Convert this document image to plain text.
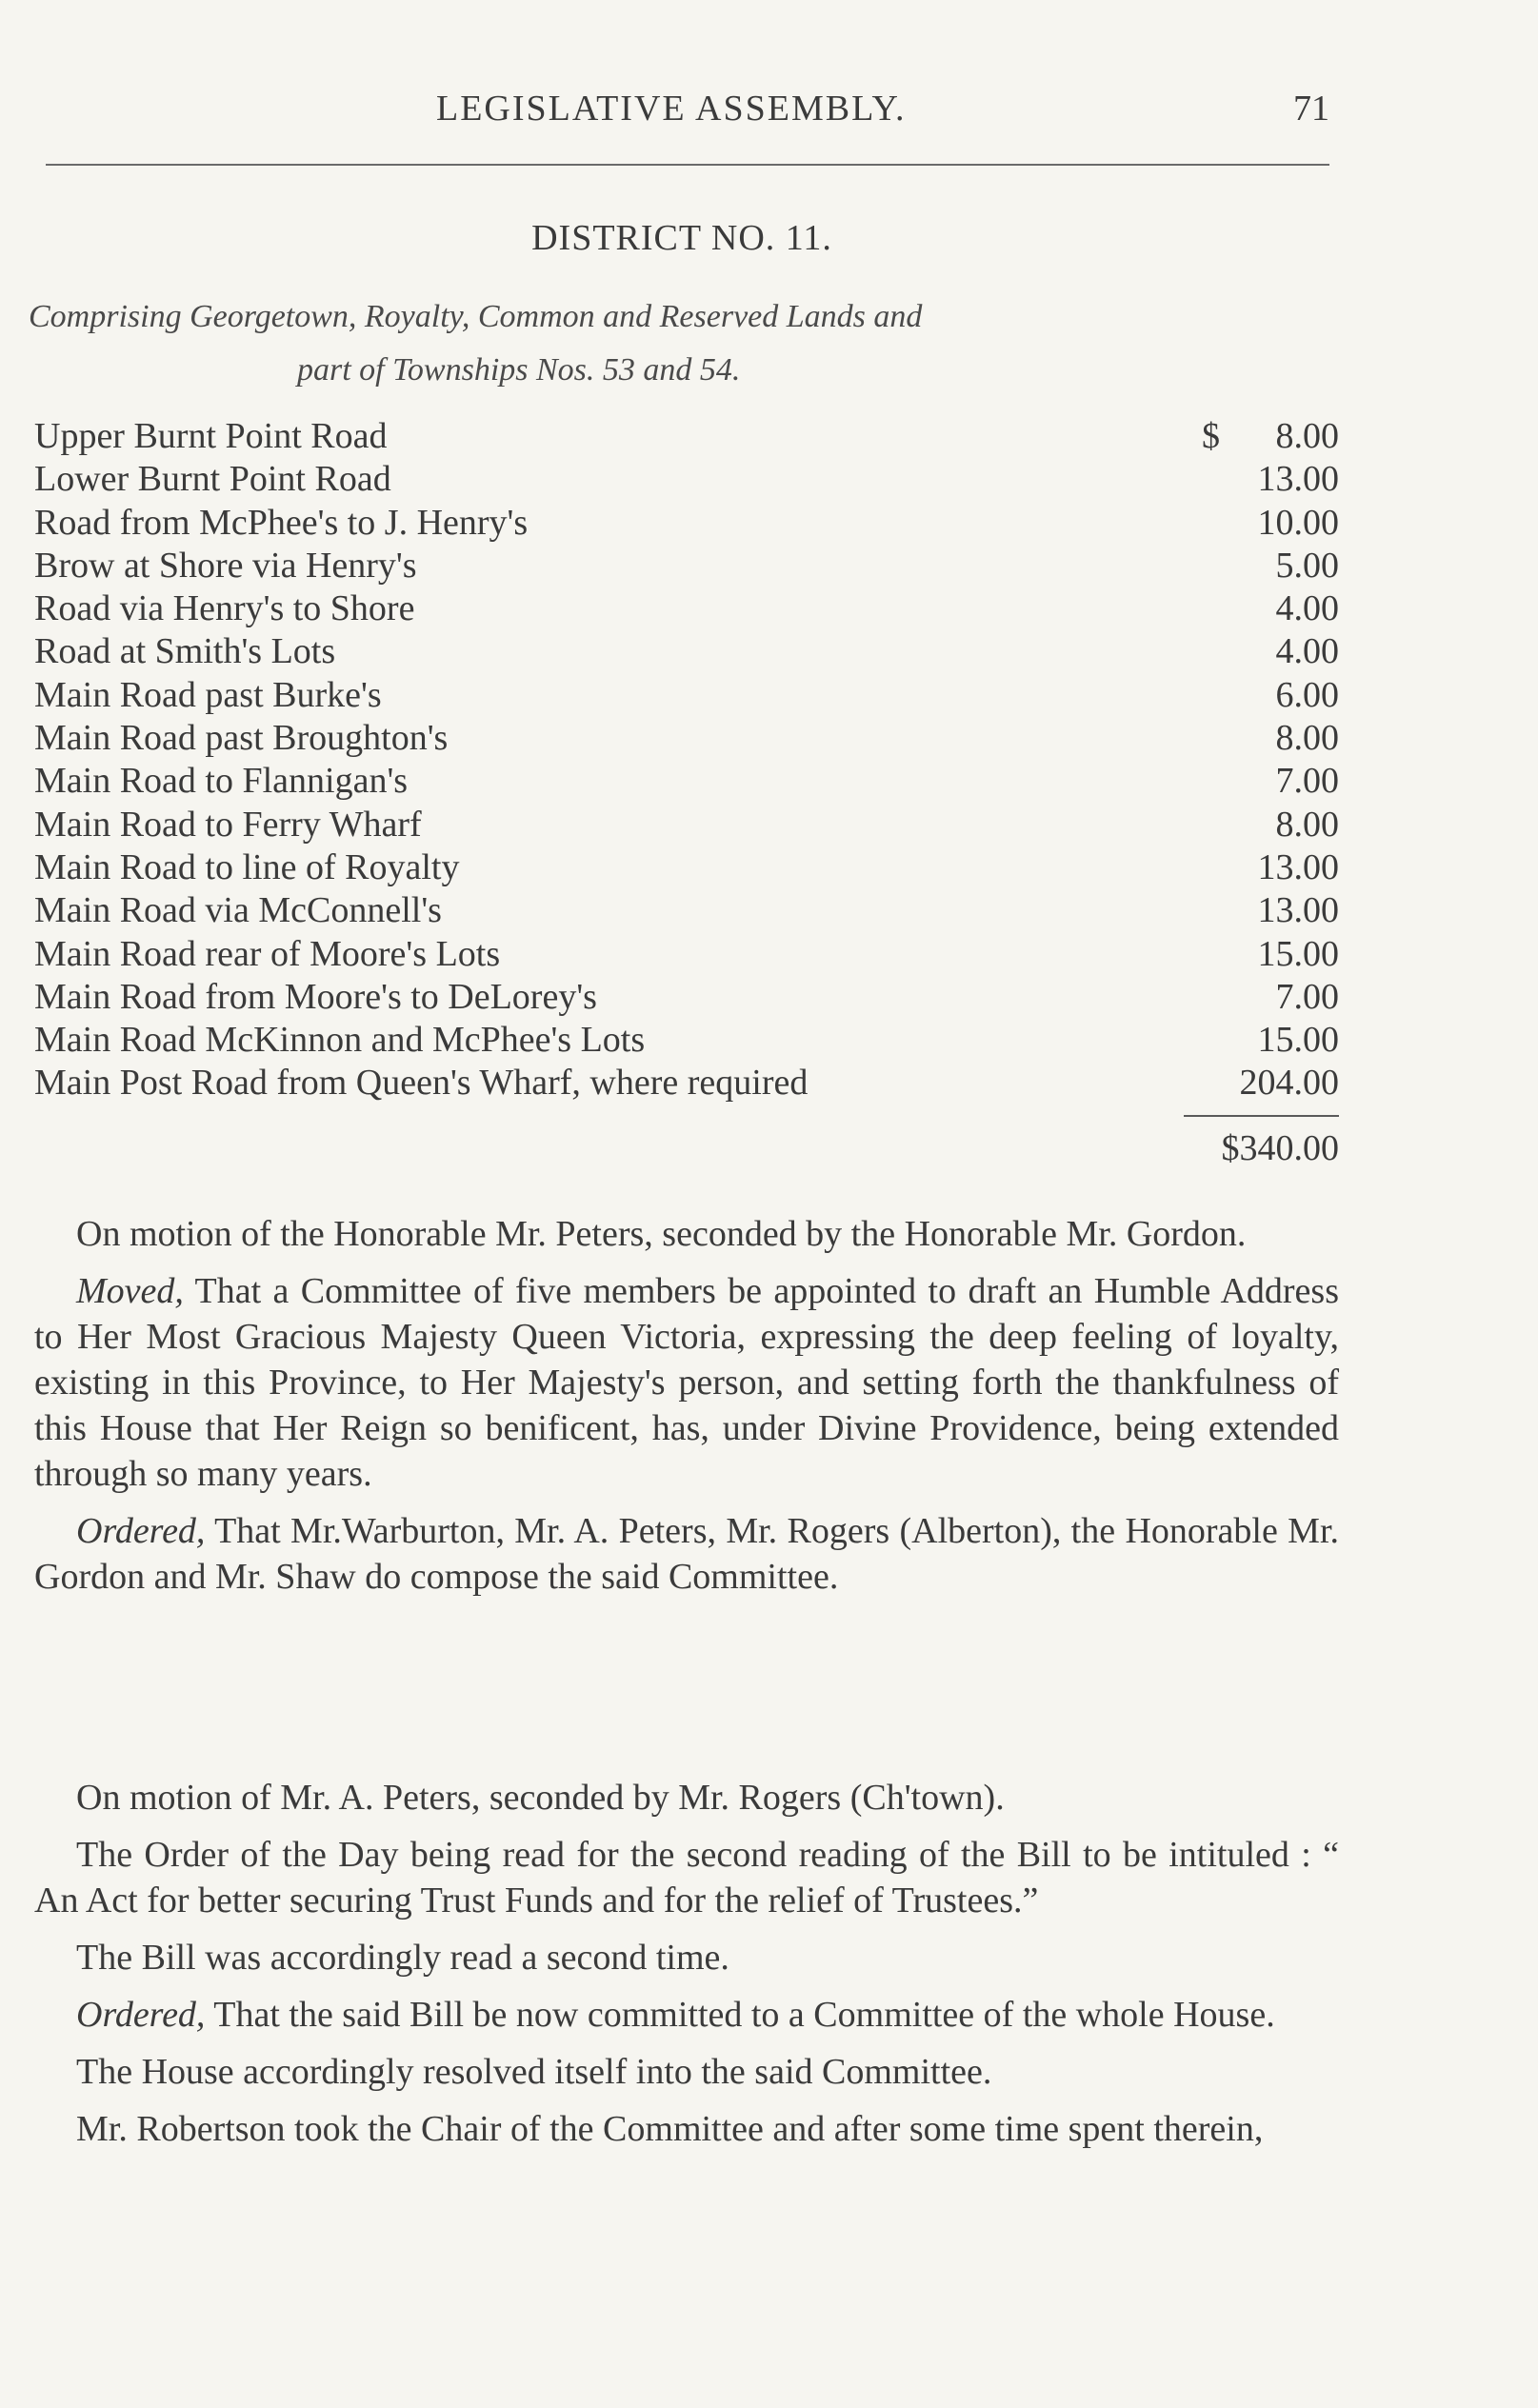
LEGISLATIVE ASSEMBLY.	71
DISTRICT NO. 11.
Comprising Georgetown, Royalty, Common and Reserved Lands and
part of Townships Nos. 53 and 54.
Upper Burnt Point Road	$ 8.00
Lower Burnt Point Road	13.00
Road from McPhee's to J. Henry's	10.00
Brow at Shore via Henry's	5.00
Road via Henry's to Shore	4.00
Road at Smith's Lots	4.00
Main Road past Burke's	6.00
Main Road past Broughton's	8.00
Main Road to Flannigan's	7.00
Main Road to Ferry Wharf	8.00
Main Road to line of Royalty	13.00
Main Road via McConnell's	13.00
Main Road rear of Moore's Lots	15.00
Main Road from Moore's to DeLorey's	7.00
Main Road McKinnon and McPhee's Lots	15.00
Main Post Road from Queen's Wharf, where required	204.00
$340.00

On motion of the Honorable Mr. Peters, seconded by the Honorable Mr. Gordon.

Moved, That a Committee of five members be appointed to draft an Humble Address to Her Most Gracious Majesty Queen Victoria, expressing the deep feeling of loyalty, existing in this Province, to Her Majesty's person, and setting forth the thankfulness of this House that Her Reign so benificent, has, under Divine Providence, being extended through so many years.

Ordered, That Mr.Warburton, Mr. A. Peters, Mr. Rogers (Alberton), the Honorable Mr. Gordon and Mr. Shaw do compose the said Committee.

On motion of Mr. A. Peters, seconded by Mr. Rogers (Ch'town).

The Order of the Day being read for the second reading of the Bill to be intituled : “ An Act for better securing Trust Funds and for the relief of Trustees.”

The Bill was accordingly read a second time.

Ordered, That the said Bill be now committed to a Committee of the whole House.

The House accordingly resolved itself into the said Committee.

Mr. Robertson took the Chair of the Committee and after some time spent therein,
